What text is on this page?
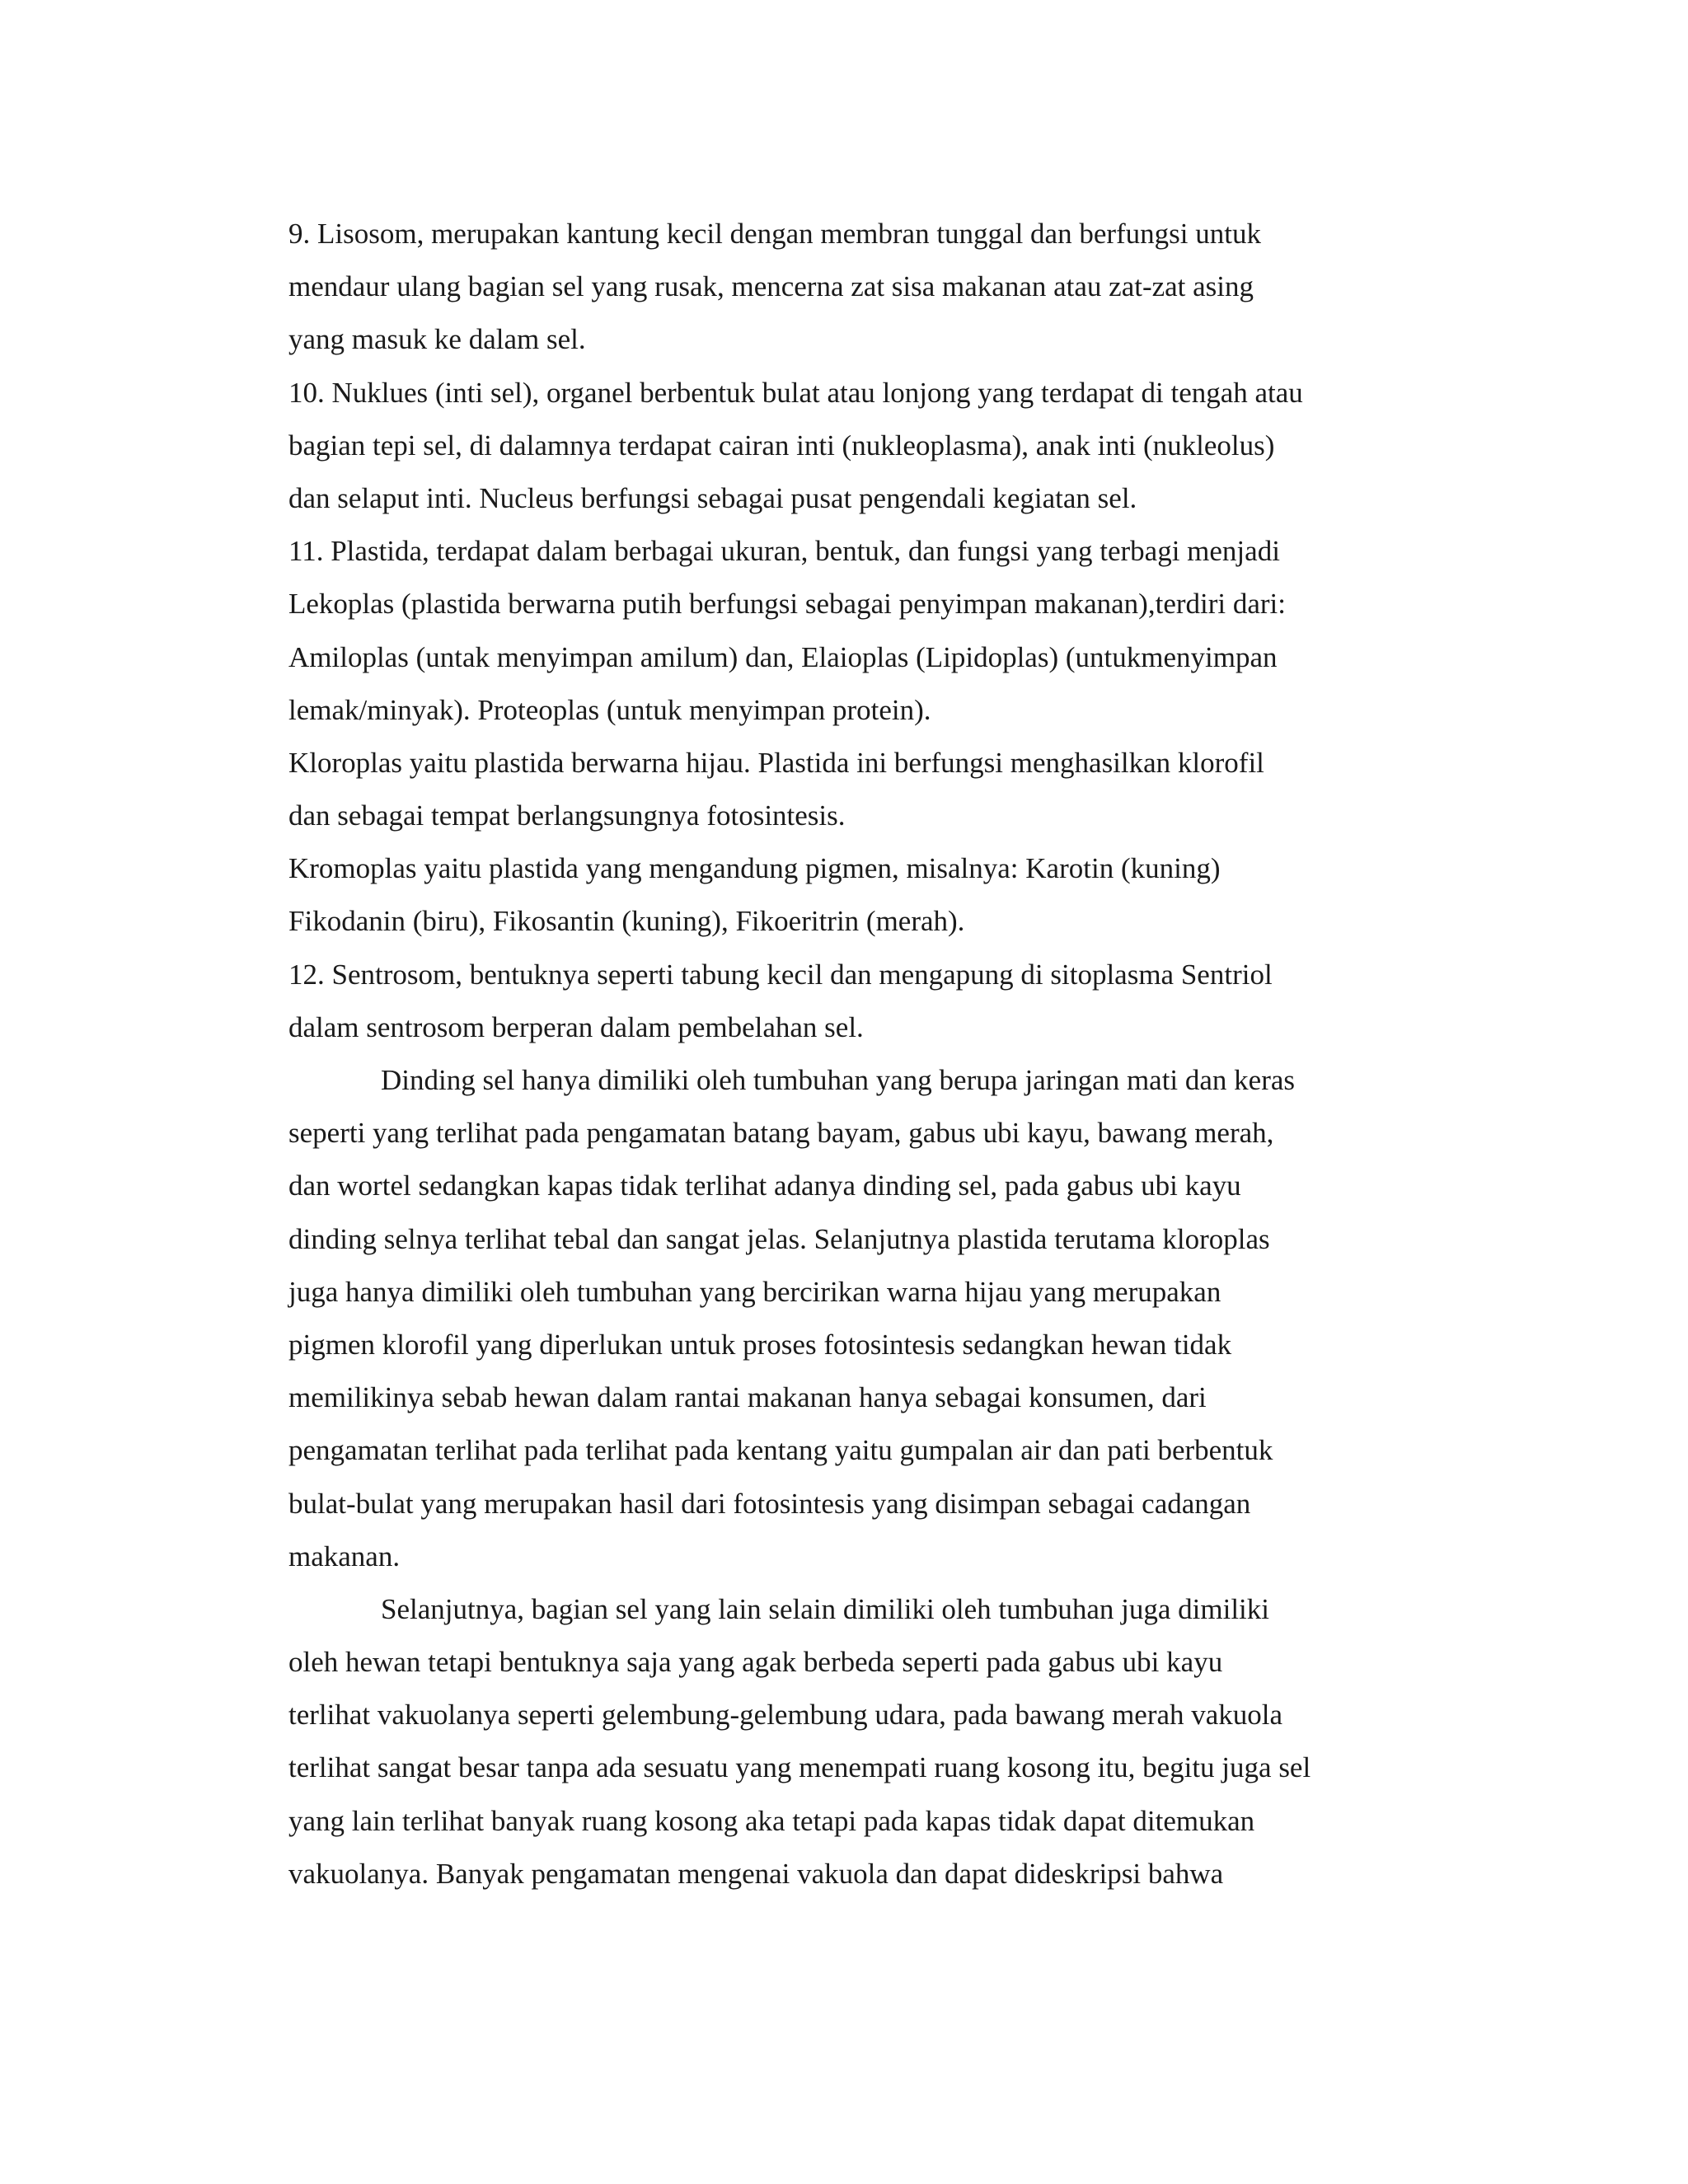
9. Lisosom, merupakan kantung kecil dengan membran tunggal dan berfungsi untuk
mendaur ulang bagian sel yang rusak, mencerna zat sisa makanan atau zat-zat asing
yang masuk ke dalam sel.
10. Nuklues (inti sel), organel berbentuk bulat atau lonjong yang terdapat di tengah atau
bagian tepi sel, di dalamnya terdapat cairan inti (nukleoplasma), anak inti (nukleolus)
dan selaput inti. Nucleus berfungsi sebagai pusat pengendali kegiatan sel.
11. Plastida, terdapat dalam berbagai ukuran, bentuk, dan fungsi yang terbagi menjadi
Lekoplas (plastida berwarna putih berfungsi sebagai penyimpan makanan),terdiri dari:
Amiloplas (untak menyimpan amilum) dan, Elaioplas (Lipidoplas) (untukmenyimpan
lemak/minyak). Proteoplas (untuk menyimpan protein).
Kloroplas yaitu plastida berwarna hijau. Plastida ini berfungsi menghasilkan klorofil
dan sebagai tempat berlangsungnya fotosintesis.
Kromoplas yaitu plastida yang mengandung pigmen, misalnya: Karotin (kuning)
Fikodanin (biru), Fikosantin (kuning), Fikoeritrin (merah).
12. Sentrosom, bentuknya seperti tabung kecil dan mengapung di sitoplasma Sentriol
dalam sentrosom berperan dalam pembelahan sel.
Dinding sel hanya dimiliki oleh tumbuhan yang berupa jaringan mati dan keras
seperti yang terlihat pada pengamatan batang bayam, gabus ubi kayu, bawang merah,
dan wortel sedangkan kapas tidak terlihat adanya dinding sel, pada gabus ubi kayu
dinding selnya terlihat tebal dan sangat jelas. Selanjutnya plastida terutama kloroplas
juga hanya dimiliki oleh tumbuhan yang bercirikan warna hijau yang merupakan
pigmen klorofil yang diperlukan untuk proses fotosintesis sedangkan hewan tidak
memilikinya sebab hewan dalam rantai makanan hanya sebagai konsumen, dari
pengamatan terlihat pada terlihat pada kentang yaitu gumpalan air dan pati berbentuk
bulat-bulat yang merupakan hasil dari fotosintesis yang disimpan sebagai cadangan
makanan.
Selanjutnya, bagian sel yang lain selain dimiliki oleh tumbuhan juga dimiliki
oleh hewan tetapi bentuknya saja yang agak berbeda seperti pada gabus ubi kayu
terlihat vakuolanya seperti gelembung-gelembung udara, pada bawang merah vakuola
terlihat sangat besar tanpa ada sesuatu yang menempati ruang kosong itu, begitu juga sel
yang lain terlihat banyak ruang kosong aka tetapi pada kapas tidak dapat ditemukan
vakuolanya. Banyak pengamatan mengenai vakuola dan dapat dideskripsi bahwa
